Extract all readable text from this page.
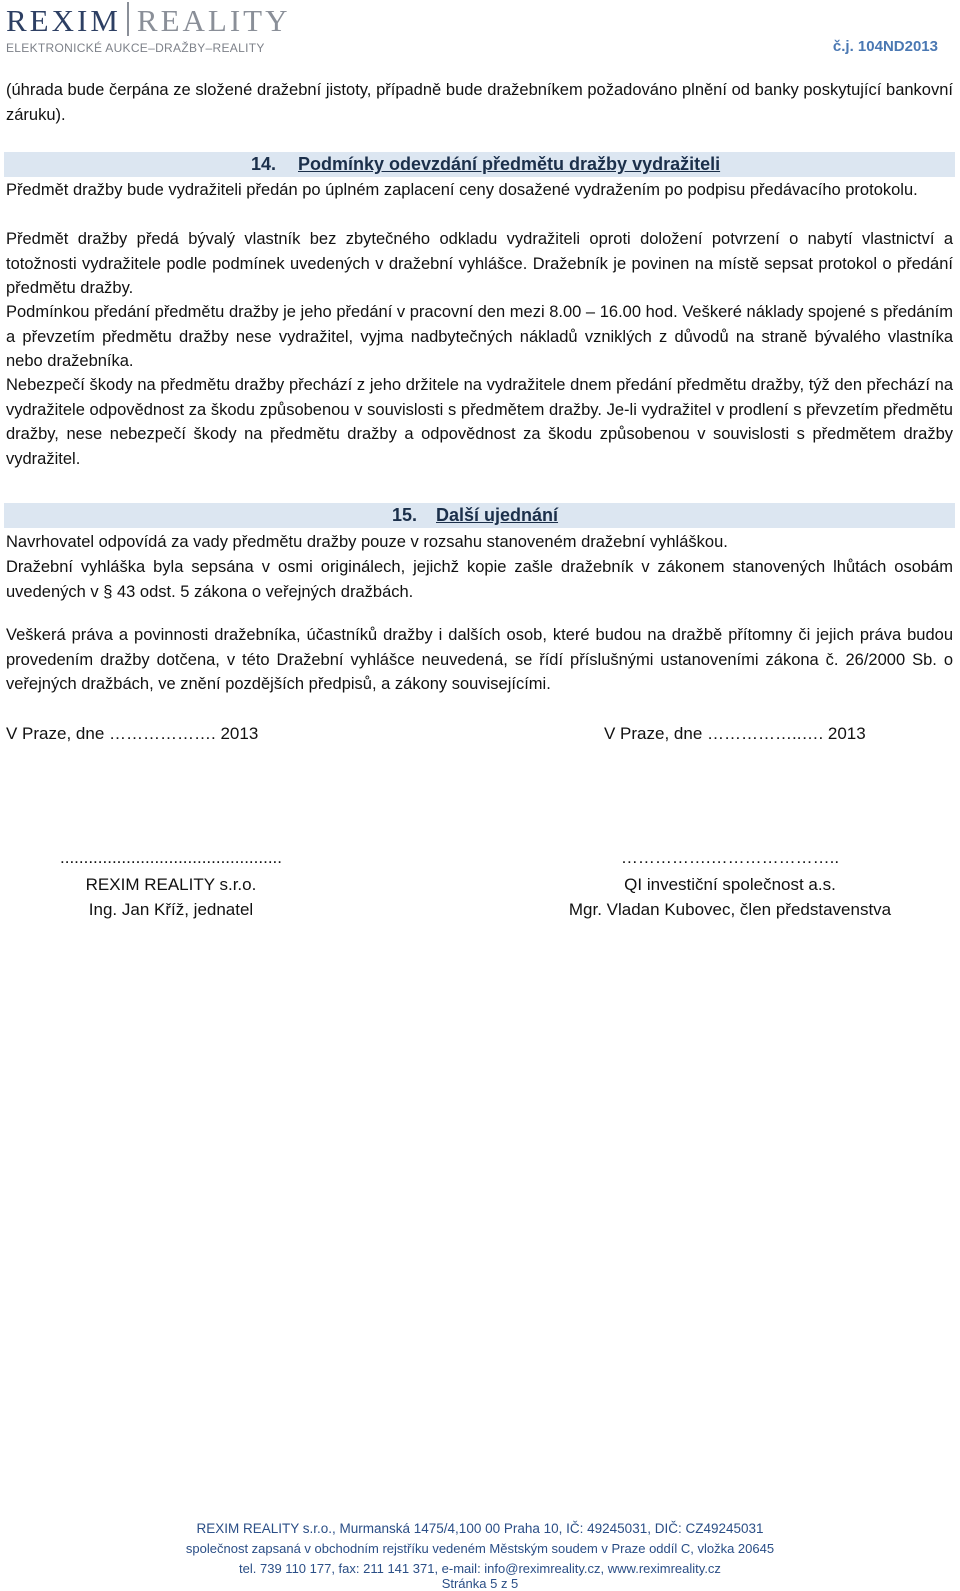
REXIM REALITY
ELEKTRONICKÉ AUKCE–DRAŽBY–REALITY	č.j. 104ND2013
(úhrada bude čerpána ze složené dražební jistoty, případně bude dražebníkem požadováno plnění od banky poskytující bankovní záruku).
14. Podmínky odevzdání předmětu dražby vydražiteli
Předmět dražby bude vydražiteli předán po úplném zaplacení ceny dosažené vydražením po podpisu předávacího protokolu.
Předmět dražby předá bývalý vlastník bez zbytečného odkladu vydražiteli oproti doložení potvrzení o nabytí vlastnictví a totožnosti vydražitele podle podmínek uvedených v dražební vyhlášce. Dražebník je povinen na místě sepsat protokol o předání předmětu dražby.
Podmínkou předání předmětu dražby je jeho předání v pracovní den mezi 8.00 – 16.00 hod. Veškeré náklady spojené s předáním a převzetím předmětu dražby nese vydražitel, vyjma nadbytečných nákladů vzniklých z důvodů na straně bývalého vlastníka nebo dražebníka.
Nebezpečí škody na předmětu dražby přechází z jeho držitele na vydražitele dnem předání předmětu dražby, týž den přechází na vydražitele odpovědnost za škodu způsobenou v souvislosti s předmětem dražby. Je-li vydražitel v prodlení s převzetím předmětu dražby, nese nebezpečí škody na předmětu dražby a odpovědnost za škodu způsobenou v souvislosti s předmětem dražby vydražitel.
15. Další ujednání
Navrhovatel odpovídá za vady předmětu dražby pouze v rozsahu stanoveném dražební vyhláškou.
Dražební vyhláška byla sepsána v osmi originálech, jejichž kopie zašle dražebník v zákonem stanovených lhůtách osobám uvedených v § 43 odst. 5 zákona o veřejných dražbách.
Veškerá práva a povinnosti dražebníka, účastníků dražby i dalších osob, které budou na dražbě přítomny či jejich práva budou provedením dražby dotčena, v této Dražební vyhlášce neuvedená, se řídí příslušnými ustanoveními zákona č. 26/2000 Sb. o veřejných dražbách, ve znění pozdějších předpisů, a zákony souvisejícími.
V Praze, dne ………………. 2013	V Praze, dne ……………..…. 2013
...............................................
REXIM REALITY s.r.o.
Ing. Jan Kříž, jednatel
…………….…………………..
QI investiční společnost a.s.
Mgr. Vladan Kubovec, člen představenstva
REXIM REALITY s.r.o., Murmanská 1475/4,100 00 Praha 10, IČ: 49245031, DIČ: CZ49245031
společnost zapsaná v obchodním rejstříku vedeném Městským soudem v Praze oddíl C, vložka 20645
tel. 739 110 177, fax: 211 141 371, e-mail: info@reximreality.cz, www.reximreality.cz
Stránka 5 z 5
